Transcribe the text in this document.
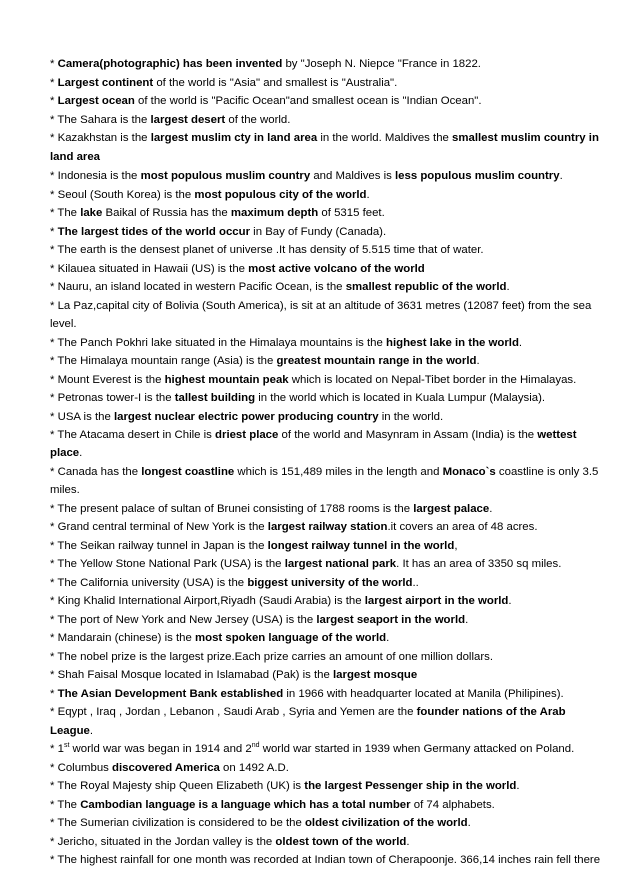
* Camera(photographic) has been invented by "Joseph N. Niepce "France in 1822.
* Largest continent of the world is "Asia" and smallest is "Australia".
* Largest ocean of the world is "Pacific Ocean"and smallest ocean is "Indian Ocean".
* The Sahara is the largest desert of the world.
* Kazakhstan is the largest muslim cty in land area in the world. Maldives the smallest muslim country in land area
* Indonesia is the most populous muslim country and Maldives is less populous muslim country.
* Seoul (South Korea) is the most populous city of the world.
* The lake Baikal of Russia has the maximum depth of 5315 feet.
* The largest tides of the world occur in Bay of Fundy (Canada).
* The earth is the densest planet of universe .It has density of 5.515 time that of water.
* Kilauea situated in Hawaii (US) is the most active volcano of the world
* Nauru, an island located in western Pacific Ocean, is the smallest republic of the world.
* La Paz,capital city of Bolivia (South America), is sit at an altitude of 3631 metres (12087 feet) from the sea level.
* The Panch Pokhri lake situated in the Himalaya mountains is the highest lake in the world.
* The Himalaya mountain range (Asia) is the greatest mountain range in the world.
* Mount Everest is the highest mountain peak which is located on Nepal-Tibet border in the Himalayas.
* Petronas tower-I is the tallest building in the world which is located in Kuala Lumpur (Malaysia).
* USA is the largest nuclear electric power producing country in the world.
* The Atacama desert in Chile is driest place of the world and Masynram in Assam (India) is the wettest place.
* Canada has the longest coastline which is 151,489 miles in the length and Monaco`s coastline is only 3.5 miles.
* The present palace of sultan of Brunei consisting of 1788 rooms is the largest palace.
* Grand central terminal of New York is the largest railway station.it covers an area of 48 acres.
* The Seikan railway tunnel in Japan is the longest railway tunnel in the world,
* The Yellow Stone National Park (USA) is the largest national park. It has an area of 3350 sq miles.
* The California university (USA) is the biggest university of the world..
* King Khalid International Airport,Riyadh (Saudi Arabia) is the largest airport in the world.
* The port of New York and New Jersey (USA) is the largest seaport in the world.
* Mandarain (chinese) is the most spoken language of the world.
* The nobel prize is the largest prize.Each prize carries an amount of one million dollars.
* Shah Faisal Mosque located in Islamabad (Pak) is the largest mosque
* The Asian Development Bank established in 1966 with headquarter located at Manila (Philipines).
* Eqypt , Iraq , Jordan , Lebanon , Saudi Arab , Syria and Yemen are the founder nations of the Arab League.
* 1st world war was began in 1914 and 2nd world war started in 1939 when Germany attacked on Poland.
* Columbus discovered America on 1492 A.D.
* The Royal Majesty ship Queen Elizabeth (UK) is the largest Pessenger ship in the world.
* The Cambodian language is a language which has a total number of 74 alphabets.
* The Sumerian civilization is considered to be the oldest civilization of the world.
* Jericho, situated in the Jordan valley is the oldest town of the world.
* The highest rainfall for one month was recorded at Indian town of Cherapoonje. 366,14 inches rain fell there
